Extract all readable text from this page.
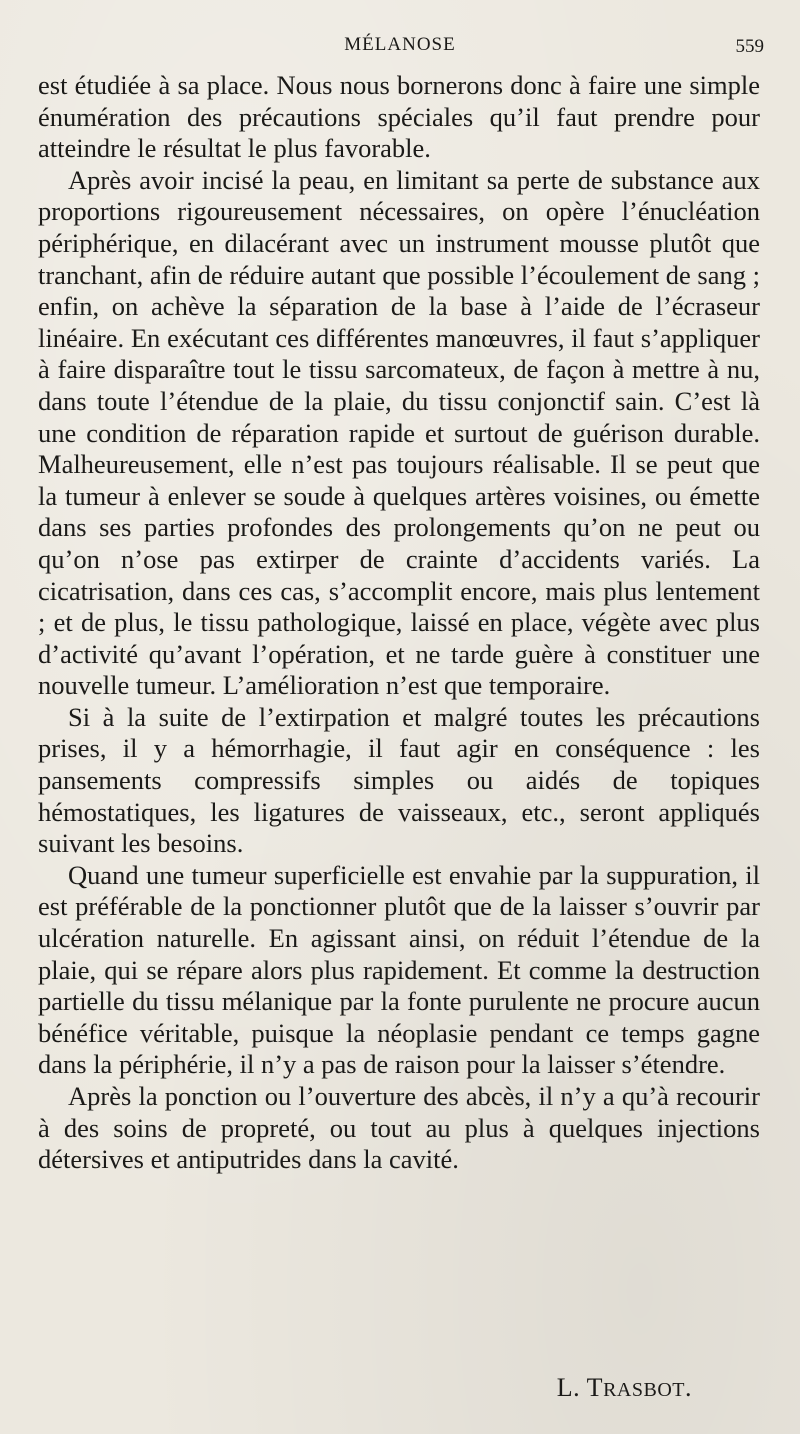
MÉLANOSE	559

est étudiée à sa place. Nous nous bornerons donc à faire une simple énumération des précautions spéciales qu’il faut prendre pour atteindre le résultat le plus favorable.

Après avoir incisé la peau, en limitant sa perte de substance aux proportions rigoureusement nécessaires, on opère l’énucléation périphérique, en dilacérant avec un instrument mousse plutôt que tranchant, afin de réduire autant que possible l’écoulement de sang ; enfin, on achève la séparation de la base à l’aide de l’écraseur linéaire. En exécutant ces différentes manœuvres, il faut s’appliquer à faire disparaître tout le tissu sarcomateux, de façon à mettre à nu, dans toute l’étendue de la plaie, du tissu conjonctif sain. C’est là une condition de réparation rapide et surtout de guérison durable. Malheureusement, elle n’est pas toujours réalisable. Il se peut que la tumeur à enlever se soude à quelques artères voisines, ou émette dans ses parties profondes des prolongements qu’on ne peut ou qu’on n’ose pas extirper de crainte d’accidents variés. La cicatrisation, dans ces cas, s’accomplit encore, mais plus lentement ; et de plus, le tissu pathologique, laissé en place, végète avec plus d’activité qu’avant l’opération, et ne tarde guère à constituer une nouvelle tumeur. L’amélioration n’est que temporaire.

Si à la suite de l’extirpation et malgré toutes les précautions prises, il y a hémorrhagie, il faut agir en conséquence : les pansements compressifs simples ou aidés de topiques hémostatiques, les ligatures de vaisseaux, etc., seront appliqués suivant les besoins.

Quand une tumeur superficielle est envahie par la suppuration, il est préférable de la ponctionner plutôt que de la laisser s’ouvrir par ulcération naturelle. En agissant ainsi, on réduit l’étendue de la plaie, qui se répare alors plus rapidement. Et comme la destruction partielle du tissu mélanique par la fonte purulente ne procure aucun bénéfice véritable, puisque la néoplasie pendant ce temps gagne dans la périphérie, il n’y a pas de raison pour la laisser s’étendre.

Après la ponction ou l’ouverture des abcès, il n’y a qu’à recourir à des soins de propreté, ou tout au plus à quelques injections détersives et antiputrides dans la cavité.

L. TRASBOT.
